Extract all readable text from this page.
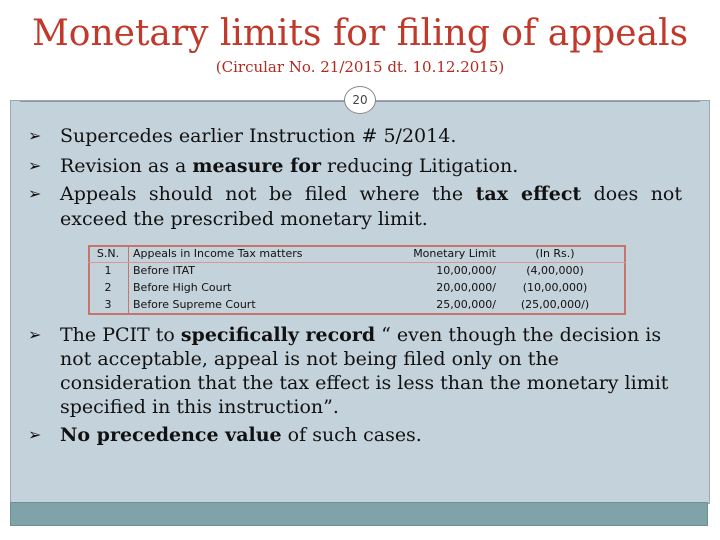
Monetary limits for filing of appeals
(Circular No. 21/2015 dt. 10.12.2015)
20
➢ Supercedes earlier Instruction # 5/2014.
➢ Revision as a measure for reducing Litigation.
➢ Appeals should not be filed where the tax effect does not
exceed the prescribed monetary limit.
S.N.	Appeals in Income Tax matters	Monetary Limit	(In Rs.)
1	Before ITAT	10,00,000/	(4,00,000)
2	Before High Court	20,00,000/	(10,00,000)
3	Before Supreme Court	25,00,000/	(25,00,000/)
➢ The PCIT to specifically record “ even though the decision is
not acceptable, appeal is not being filed only on the
consideration that the tax effect is less than the monetary limit
specified in this instruction”.
➢ No precedence value of such cases.
